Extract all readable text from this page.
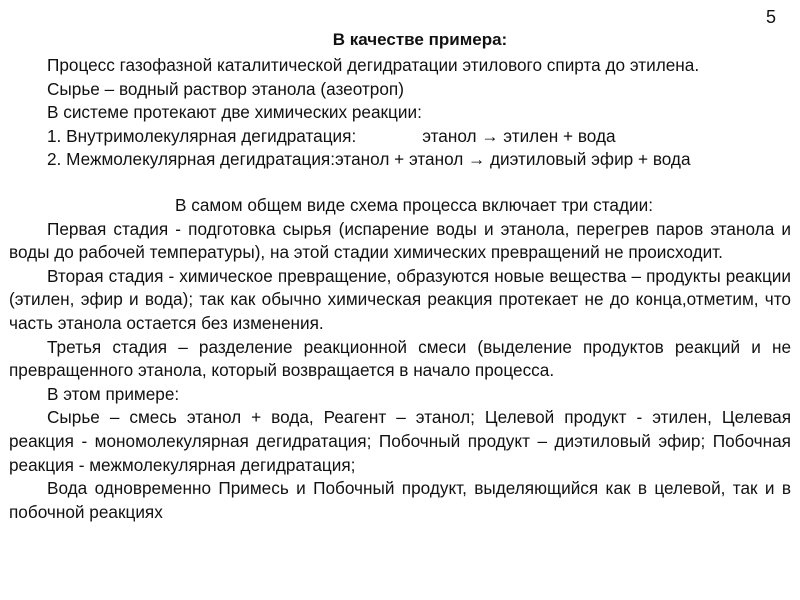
5
В качестве примера:

Процесс газофазной каталитической дегидратации этилового спирта до этилена.

Сырье – водный раствор этанола (азеотроп)

В системе протекают две химических реакции:

1. Внутримолекулярная дегидратация:	этанол → этилен + вода

2. Межмолекулярная дегидратация:этанол + этанол → диэтиловый эфир + вода

В самом общем виде схема процесса включает три стадии:

Первая стадия - подготовка сырья (испарение воды и этанола, перегрев паров этанола и воды до рабочей температуры), на этой стадии химических превращений не происходит.

Вторая стадия - химическое превращение, образуются новые вещества – продукты реакции (этилен, эфир и вода); так как обычно химическая реакция протекает не до конца,отметим, что часть этанола остается без изменения.

Третья стадия – разделение реакционной смеси (выделение продуктов реакций и не превращенного этанола, который возвращается в начало процесса.

В этом примере:

Сырье – смесь этанол + вода, Реагент – этанол; Целевой продукт - этилен, Целевая реакция - мономолекулярная дегидратация; Побочный продукт – диэтиловый эфир; Побочная реакция - межмолекулярная дегидратация;

Вода одновременно Примесь и Побочный продукт, выделяющийся как в целевой, так и в побочной реакциях
